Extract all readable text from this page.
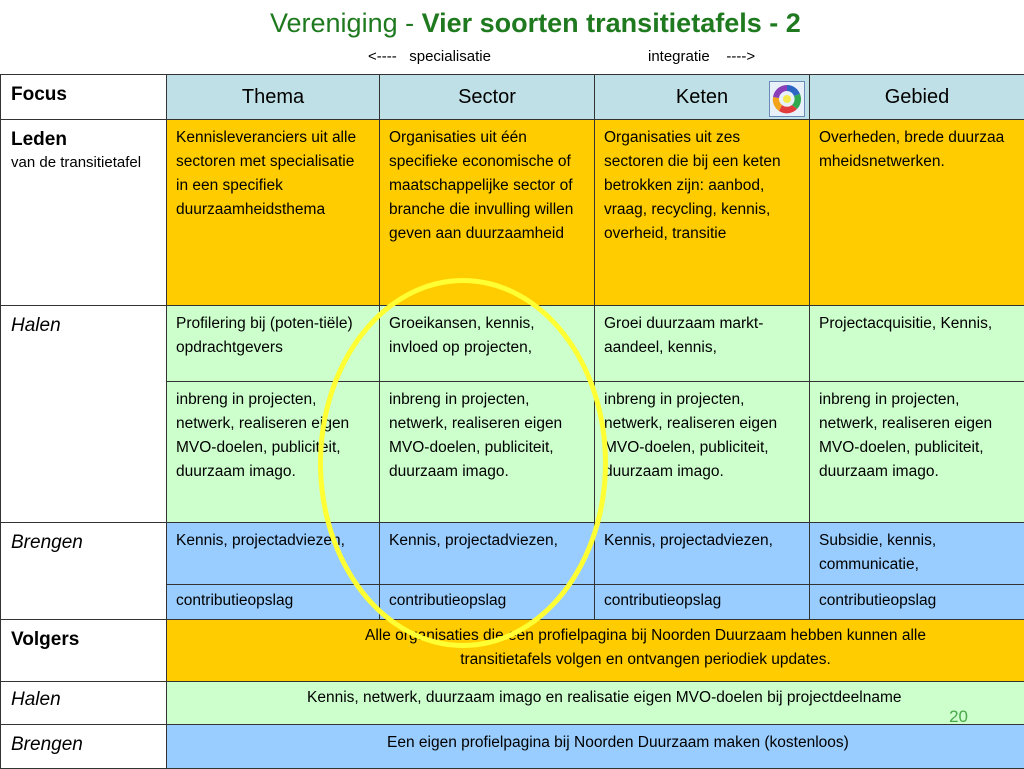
Vereniging - Vier soorten transitietafels - 2
<----   specialisatie	integratie    ---->
Focus	Thema	Sector	Keten	Gebied

Leden
van de transitietafel	Kennisleveranciers uit alle sectoren met specialisatie in een specifiek duurzaamheidsthema	Organisaties uit één specifieke economische of maatschappelijke sector of branche die invulling willen geven aan duurzaamheid	Organisaties uit zes sectoren die bij een keten betrokken zijn: aanbod, vraag, recycling, kennis, overheid, transitie	Overheden, brede duurzaamheidsnetwerken.

Halen	Profilering bij (poten-tiële) opdrachtgevers	Groeikansen, kennis, invloed op projecten,	Groei duurzaam markt-aandeel, kennis,	Projectacquisitie, Kennis,

	inbreng in projecten, netwerk, realiseren eigen MVO-doelen, publiciteit, duurzaam imago.	inbreng in projecten, netwerk, realiseren eigen MVO-doelen, publiciteit, duurzaam imago.	inbreng in projecten, netwerk, realiseren eigen MVO-doelen, publiciteit, duurzaam imago.	inbreng in projecten, netwerk, realiseren eigen MVO-doelen, publiciteit, duurzaam imago.

Brengen	Kennis, projectadviezen,	Kennis, projectadviezen,	Kennis, projectadviezen,	Subsidie, kennis, communicatie,

	contributieopslag	contributieopslag	contributieopslag	contributieopslag

Volgers	Alle organisaties die een profielpagina bij Noorden Duurzaam hebben kunnen alle transitietafels volgen en ontvangen periodiek updates.			

Halen	Kennis, netwerk, duurzaam imago en realisatie eigen MVO-doelen bij projectdeelname			

Brengen	Een eigen profielpagina bij Noorden Duurzaam maken (kostenloos)			
20
